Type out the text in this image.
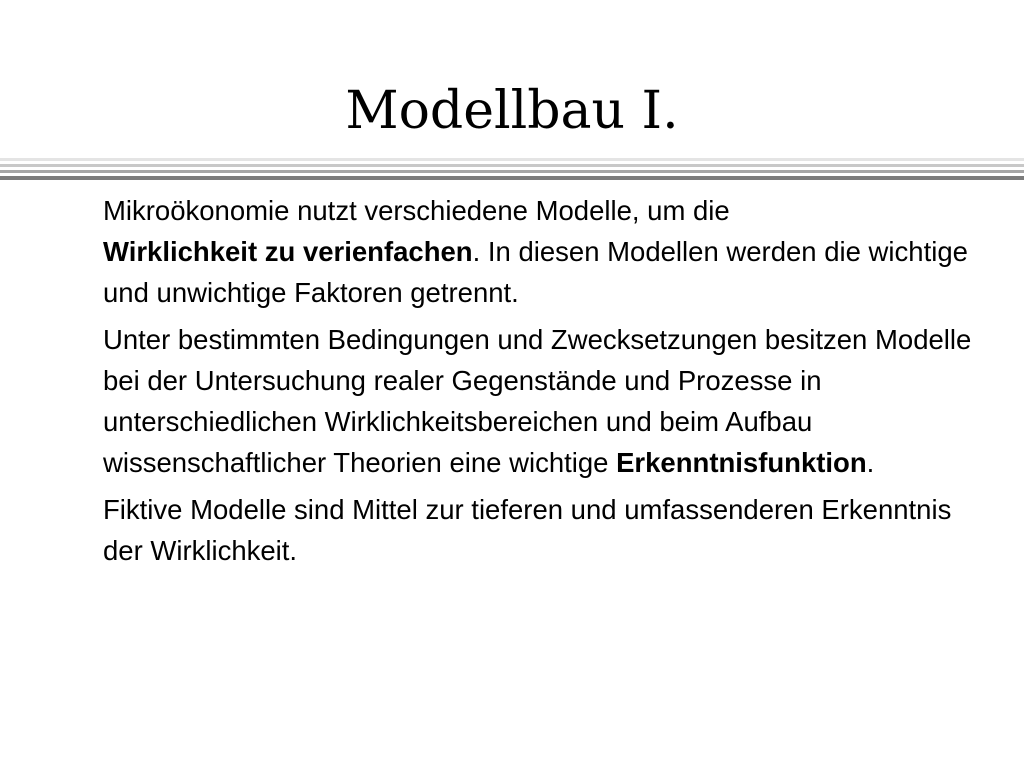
Modellbau I.

Mikroökonomie nutzt verschiedene Modelle, um die
Wirklichkeit zu verienfachen. In diesen Modellen werden die wichtige und unwichtige Faktoren getrennt.

Unter bestimmten Bedingungen und Zwecksetzungen besitzen Modelle bei der Untersuchung realer Gegenstände und Prozesse in unterschiedlichen Wirklichkeitsbereichen und beim Aufbau wissenschaftlicher Theorien eine wichtige Erkenntnisfunktion.

Fiktive Modelle sind Mittel zur tieferen und umfassenderen Erkenntnis der Wirklichkeit.
